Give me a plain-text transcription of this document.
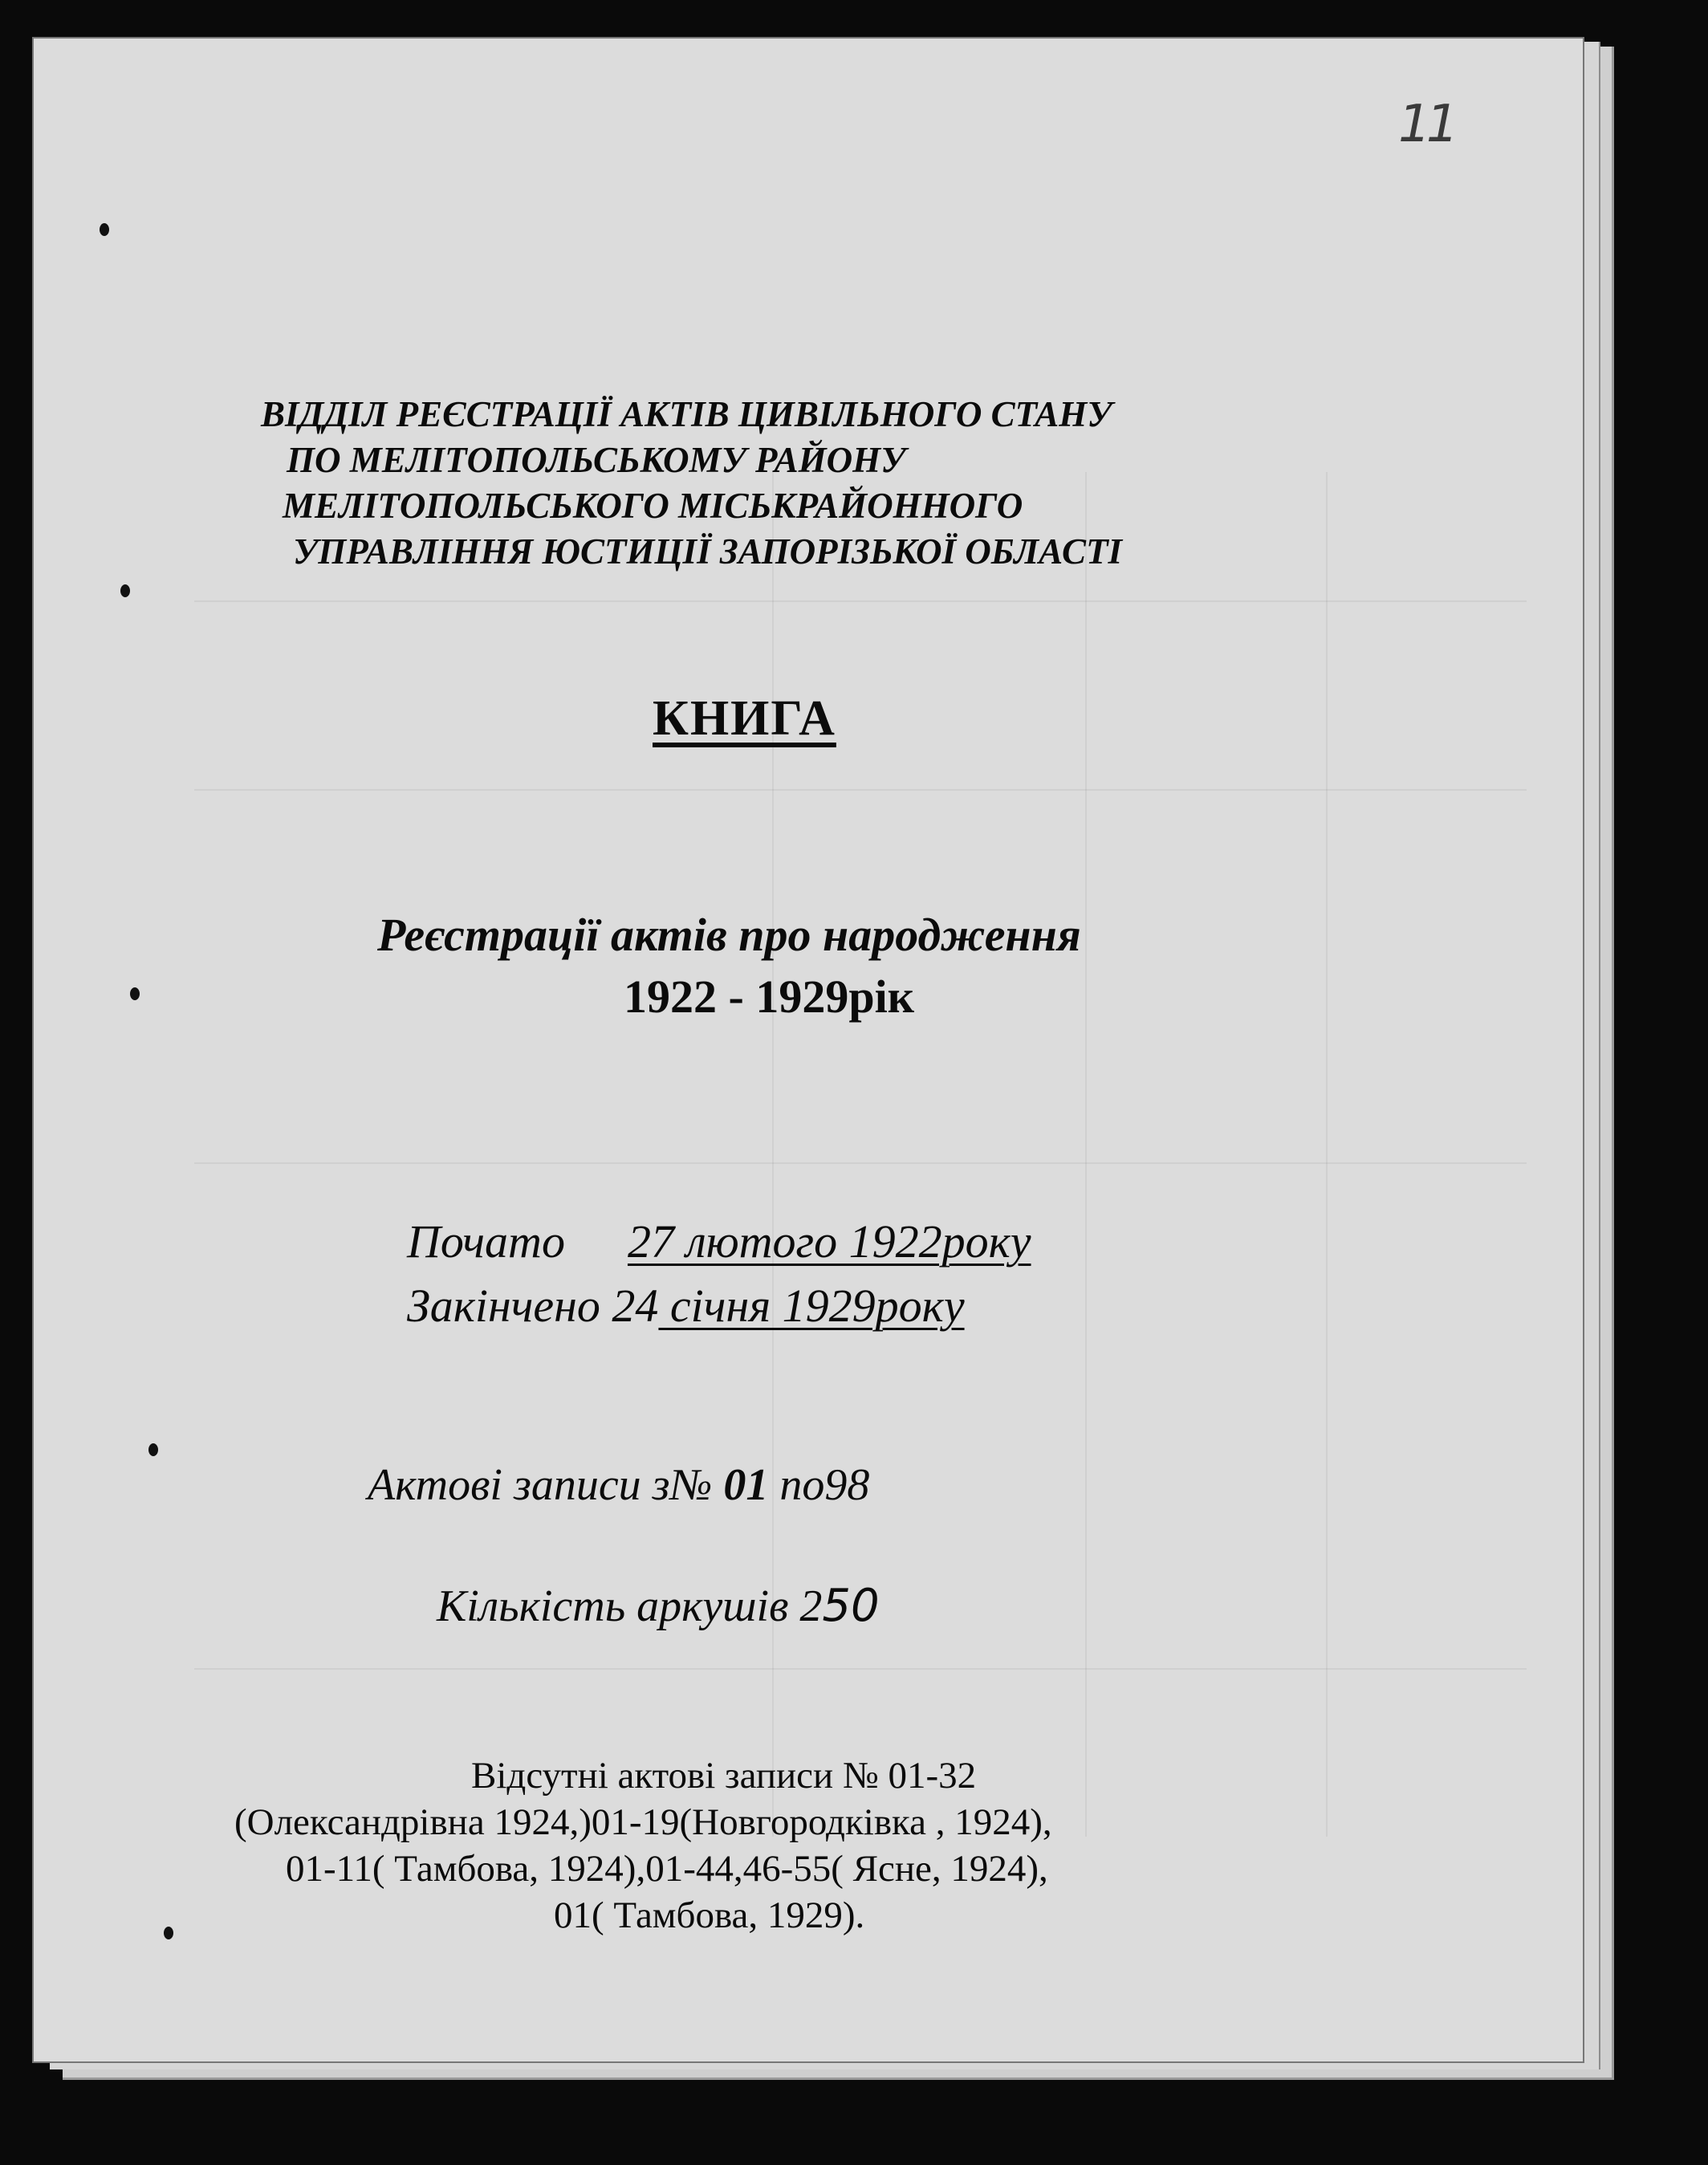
11
ВІДДІЛ РЕЄСТРАЦІЇ АКТІВ ЦИВІЛЬНОГО СТАНУ
ПО МЕЛІТОПОЛЬСЬКОМУ РАЙОНУ
МЕЛІТОПОЛЬСЬКОГО МІСЬКРАЙОННОГО
УПРАВЛІННЯ ЮСТИЦІЇ ЗАПОРІЗЬКОЇ ОБЛАСТІ
КНИГА
Реєстрації актів про народження
1922 - 1929рік
Почато 27 лютого 1922року
Закінчено 24 січня 1929року
Актові записи з№ 01 по98
Кількість аркушів 250
Відсутні актові записи № 01-32
(Олександрівна 1924,)01-19(Новгородківка , 1924),
01-11( Тамбова, 1924),01-44,46-55( Ясне, 1924),
01( Тамбова, 1929).
